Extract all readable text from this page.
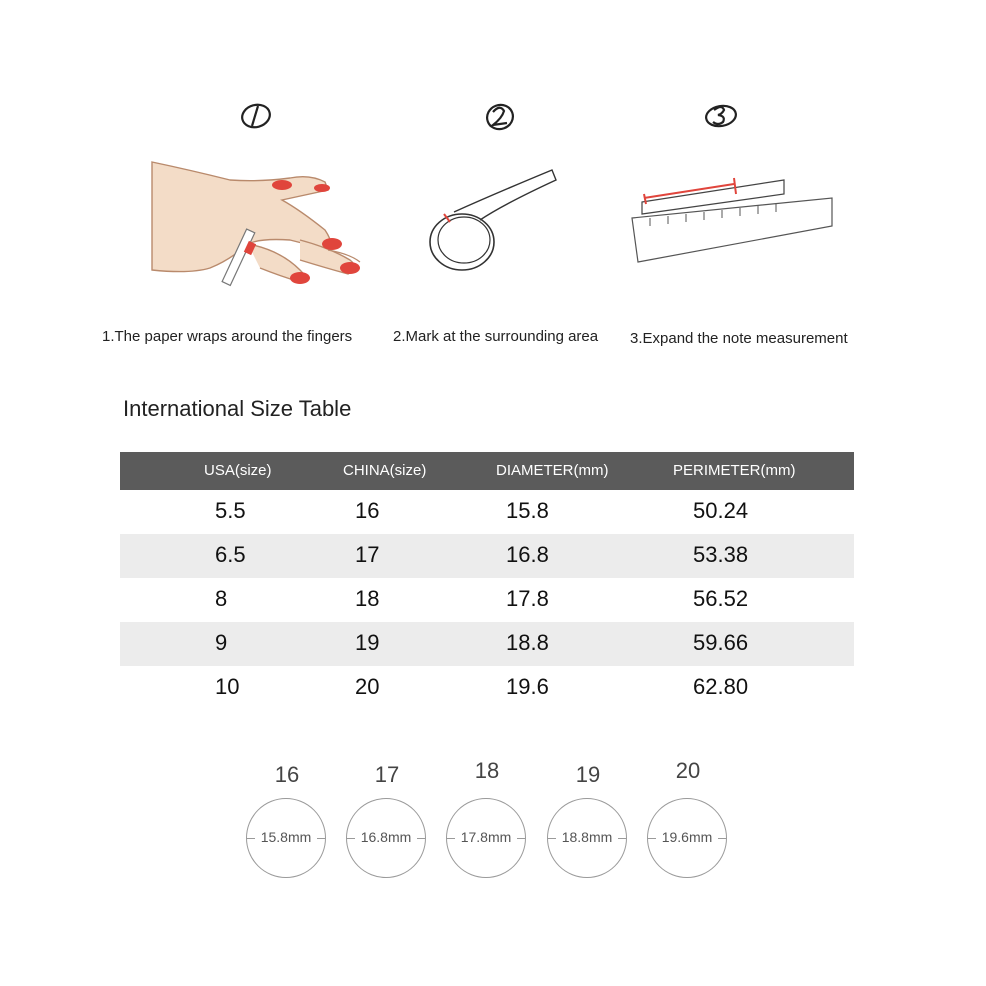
1.The paper wraps around the fingers	2.Mark at the surrounding area 3.Expand the note measurement
International Size Table
USA(size)	CHINA(size)	DIAMETER(mm)	PERIMETER(mm)
5.5	16	15.8	50.24
6.5	17	16.8	53.38
8	18	17.8	56.52
9	19	18.8	59.66
10	20	19.6	62.80
16
15.8mm
17
16.8mm
18
17.8mm
19
18.8mm
20
19.6mm
